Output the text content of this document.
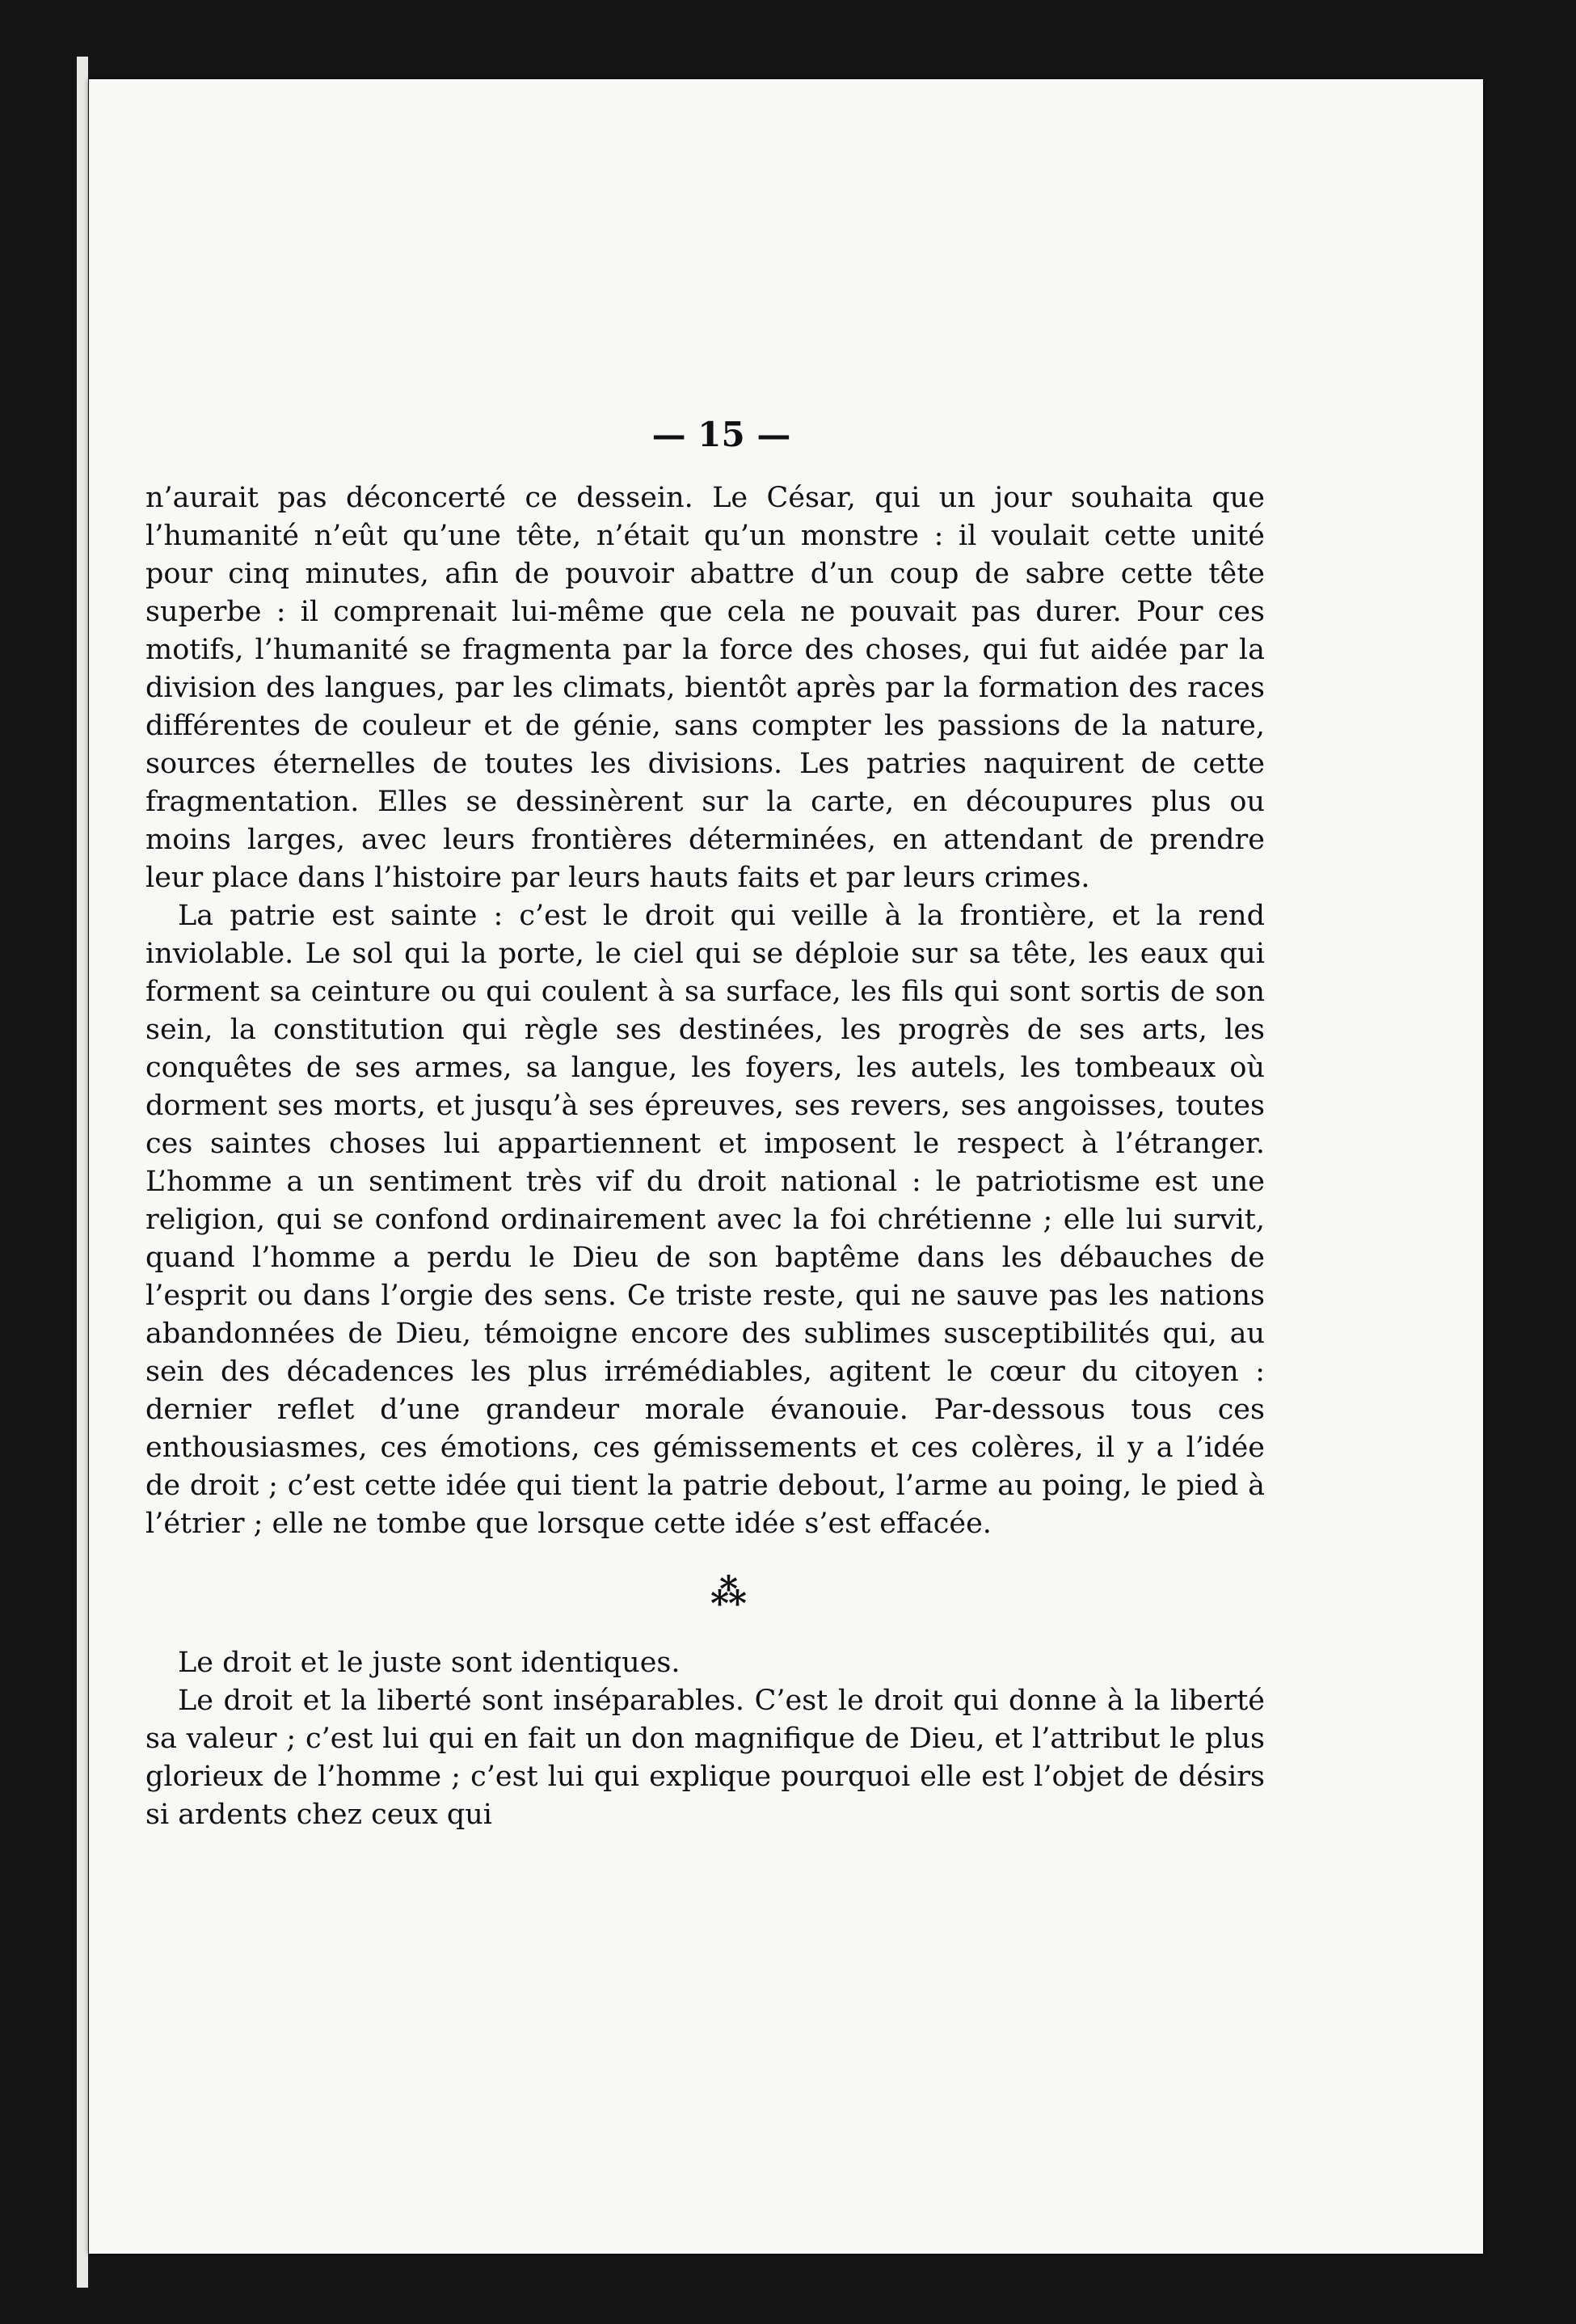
— 15 —

n’aurait pas déconcerté ce dessein. Le César, qui un jour souhaita que l’humanité n’eût qu’une tête, n’était qu’un monstre : il voulait cette unité pour cinq minutes, afin de pouvoir abattre d’un coup de sabre cette tête superbe : il comprenait lui-même que cela ne pouvait pas durer. Pour ces motifs, l’humanité se fragmenta par la force des choses, qui fut aidée par la division des langues, par les climats, bientôt après par la formation des races différentes de couleur et de génie, sans compter les passions de la nature, sources éternelles de toutes les divisions. Les patries naquirent de cette fragmentation. Elles se dessinèrent sur la carte, en découpures plus ou moins larges, avec leurs frontières déterminées, en attendant de prendre leur place dans l’histoire par leurs hauts faits et par leurs crimes.

La patrie est sainte : c’est le droit qui veille à la frontière, et la rend inviolable. Le sol qui la porte, le ciel qui se déploie sur sa tête, les eaux qui forment sa ceinture ou qui coulent à sa surface, les fils qui sont sortis de son sein, la constitution qui règle ses destinées, les progrès de ses arts, les conquêtes de ses armes, sa langue, les foyers, les autels, les tombeaux où dorment ses morts, et jusqu’à ses épreuves, ses revers, ses angoisses, toutes ces saintes choses lui appartiennent et imposent le respect à l’étranger. L’homme a un sentiment très vif du droit national : le patriotisme est une religion, qui se confond ordinairement avec la foi chrétienne ; elle lui survit, quand l’homme a perdu le Dieu de son baptême dans les débauches de l’esprit ou dans l’orgie des sens. Ce triste reste, qui ne sauve pas les nations abandonnées de Dieu, témoigne encore des sublimes susceptibilités qui, au sein des décadences les plus irrémédiables, agitent le cœur du citoyen : dernier reflet d’une grandeur morale évanouie. Par-dessous tous ces enthousiasmes, ces émotions, ces gémissements et ces colères, il y a l’idée de droit ; c’est cette idée qui tient la patrie debout, l’arme au poing, le pied à l’étrier ; elle ne tombe que lorsque cette idée s’est effacée.

⁂

Le droit et le juste sont identiques.

Le droit et la liberté sont inséparables. C’est le droit qui donne à la liberté sa valeur ; c’est lui qui en fait un don magnifique de Dieu, et l’attribut le plus glorieux de l’homme ; c’est lui qui explique pourquoi elle est l’objet de désirs si ardents chez ceux qui
